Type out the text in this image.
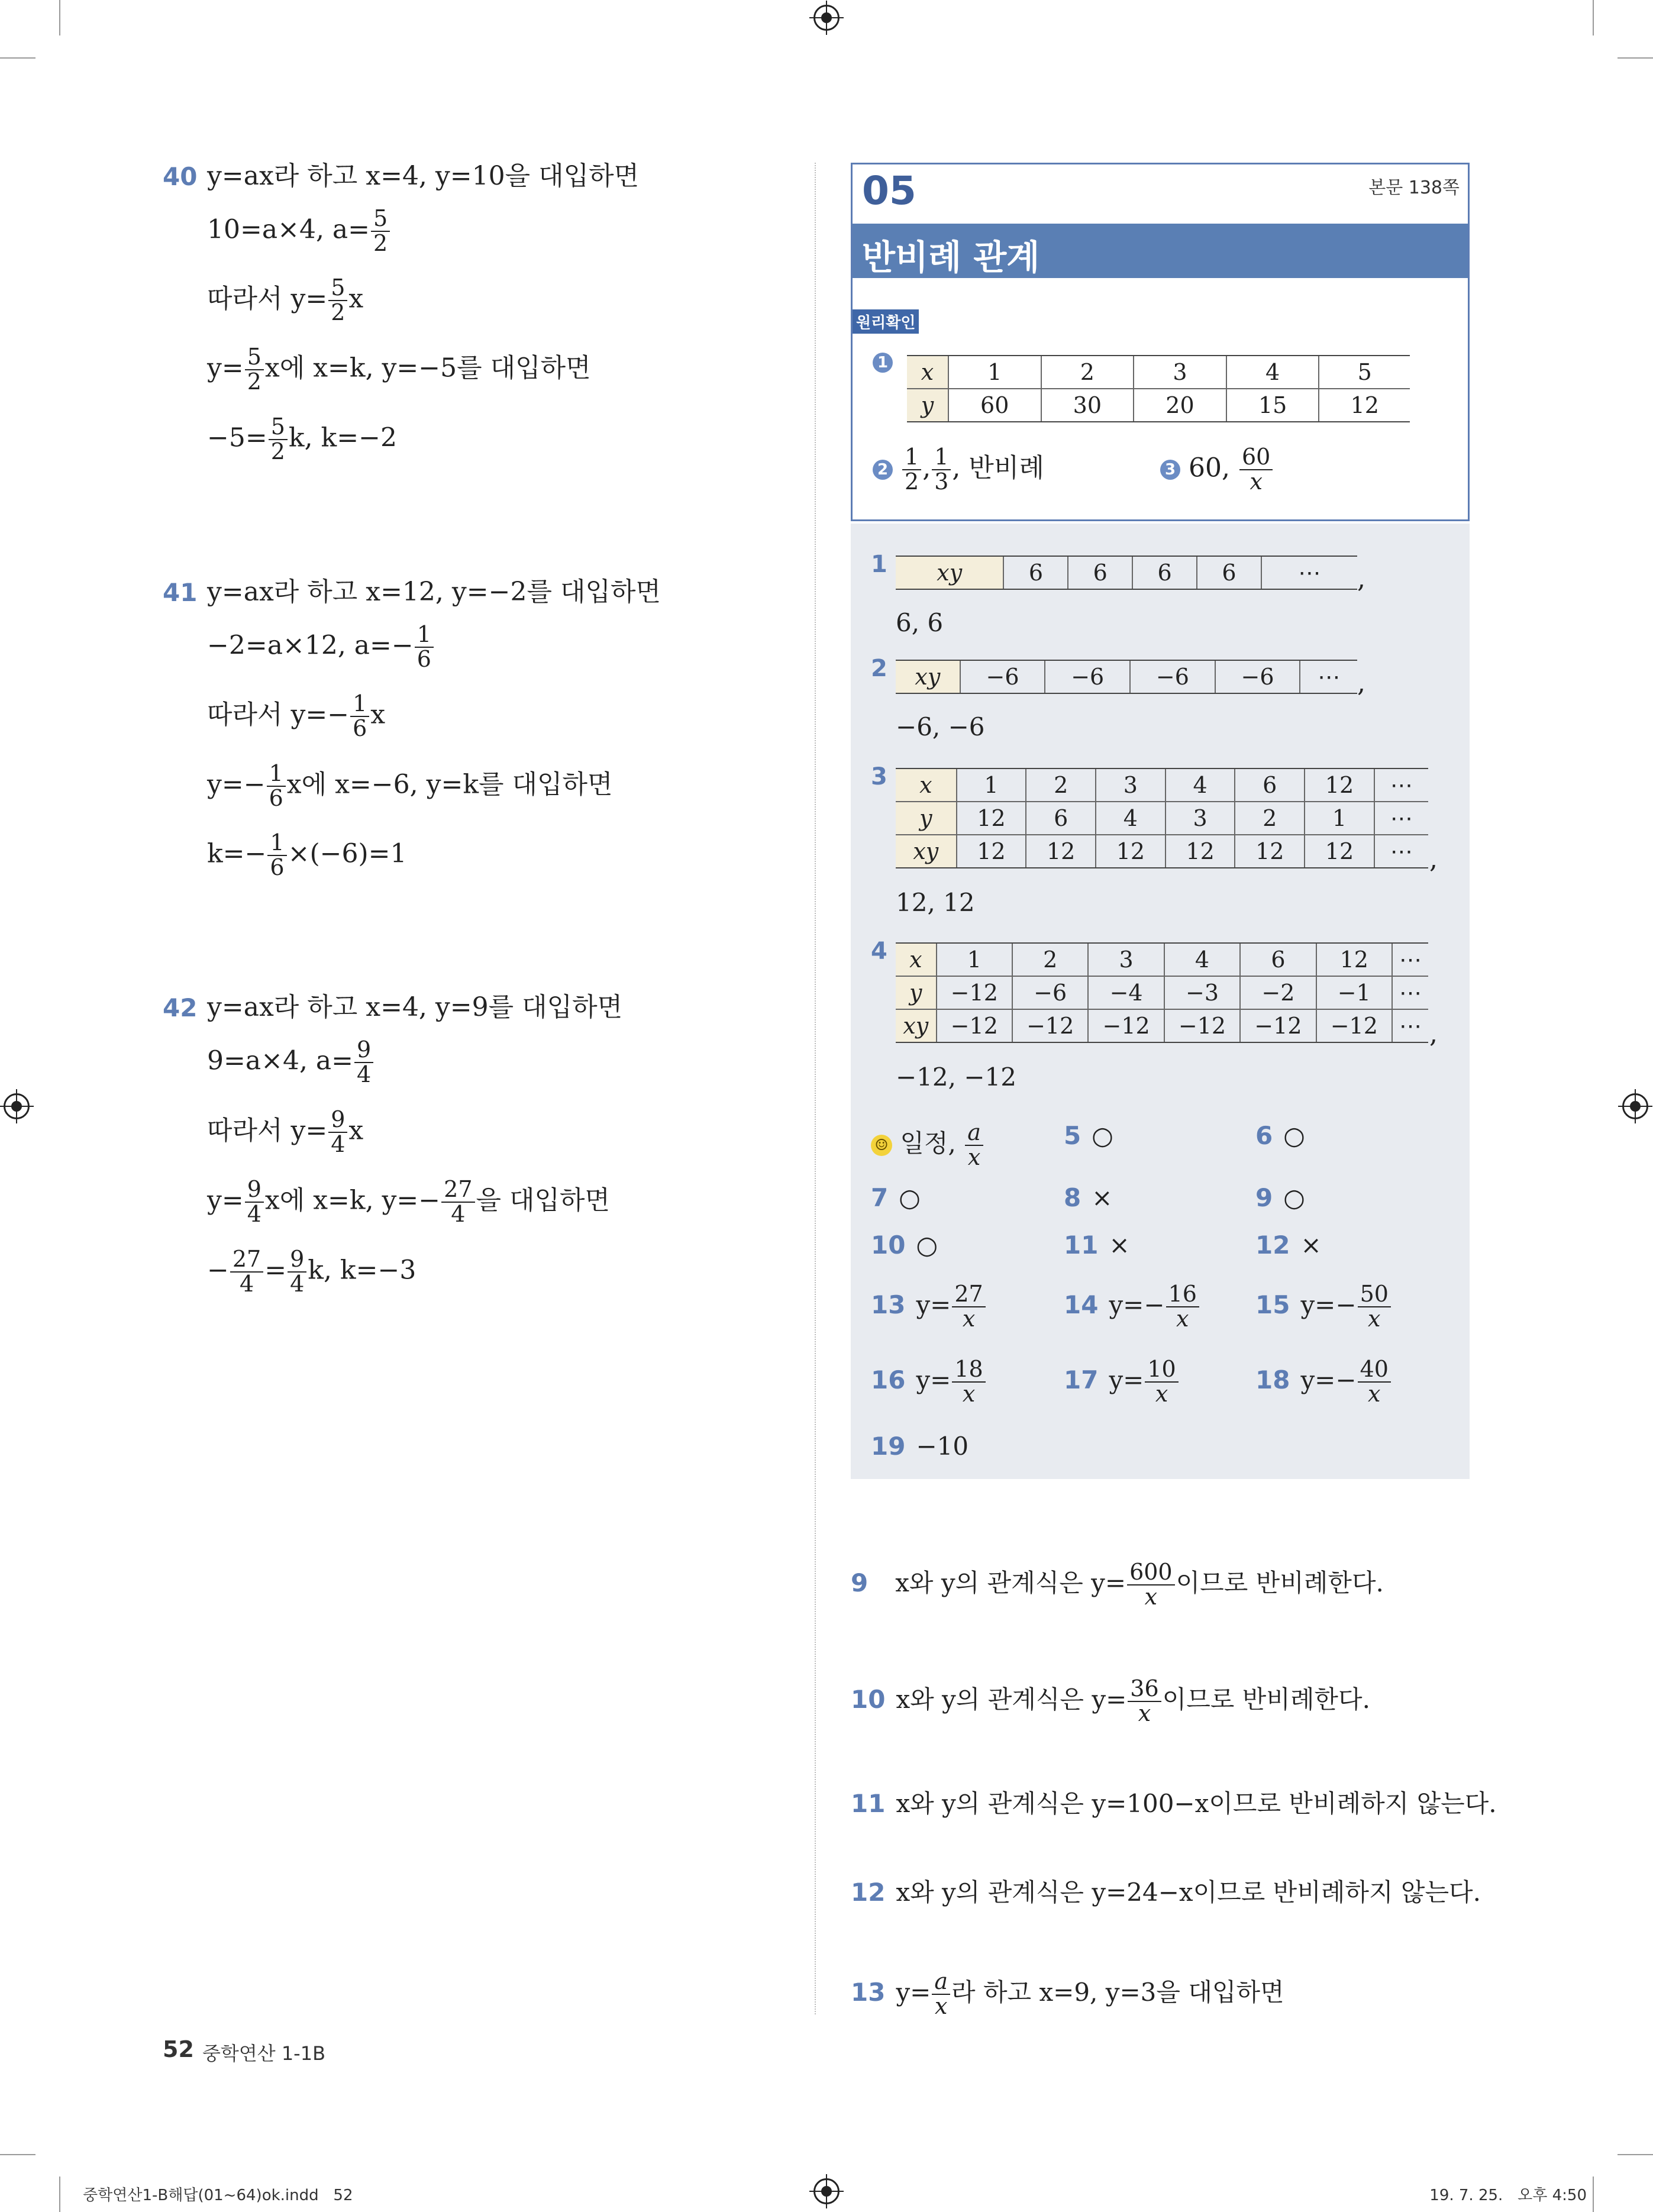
40 y=ax라 하고 x=4, y=10을 대입하면
10=a×4, $a= \frac{5}{2}$
따라서 $y= \frac{5}{2}$ x
$y= \frac{5}{2}$ x에 x=k, y=−5를 대입하면
$-5= \frac{5}{2} k$, k=−2
41 y=ax라 하고 x=12, y=−2를 대입하면
−2=a×12, $a=- \frac{1}{6}$
따라서 $y=- \frac{1}{6}$ x
$y=- \frac{1}{6}$ x에 x=−6, y=k를 대입하면
$k=- \frac{1}{6} \times(-6)=1$
42 y=ax라 하고 x=4, y=9를 대입하면
9=a×4, $a= \frac{9}{4}$
따라서 $y= \frac{9}{4}$ x
$y= \frac{9}{4}$ x에 x=k, $y=- \frac{27}{4}$ 을 대입하면
− $\frac{27}{4} = \frac{9}{4} k$, k=−3
05	본문 138쪽
반비례 관계
원리확인
1 x	1	2	3	4	5
y	60	30	20	15	12
$2 \frac{1}{2}$ , $\frac{1}{3}$ , 반비례	3 60, $\frac{60}{x}$
1 xy	6	6	6	6	⋯ ,
6, 6
2 xy	−6	−6	−6	−6	⋯ ,
−6, −6
3 x	1	2	3	4	6	12	⋯
y	12	6	4	3	2	1	⋯
xy	12	12	12	12	12	12	⋯ ,
12, 12
4 x	1	2	3	4	6	12	⋯
y	−12	−6	−4	−3	−2	−1	⋯
xy	−12	−12	−12	−12	−12	−12	⋯ ,
−12, −12
☺ 일정, $\frac{a}{x}$	5 ○	6 ○
7 ○	8 ×	9 ○
10 ○	11 ×	12 ×
13 $y= \frac{27}{x}$	14 $y=- \frac{16}{x} 15$ $y=- \frac{50}{x}$
16 $y= \frac{18}{x}$	17 $y= \frac{10}{x}$	18 $y=- \frac{40}{x}$
19 −10
9 x와 y의 관계식은 $y= \frac{600}{x}$ 이므로 반비례한다.
10 x와 y의 관계식은 $y= \frac{36}{x}$ 이므로 반비례한다.
11 x와 y의 관계식은 y=100−x이므로 반비례하지 않는다.
12 x와 y의 관계식은 y=24−x이므로 반비례하지 않는다.
13 $y= \frac{a}{x}$ 라 하고 x=9, y=3을 대입하면
52 중학연산 1-1B
중학연산1-B해답(01~64)ok.indd   52	19. 7. 25.   오후 4:50
